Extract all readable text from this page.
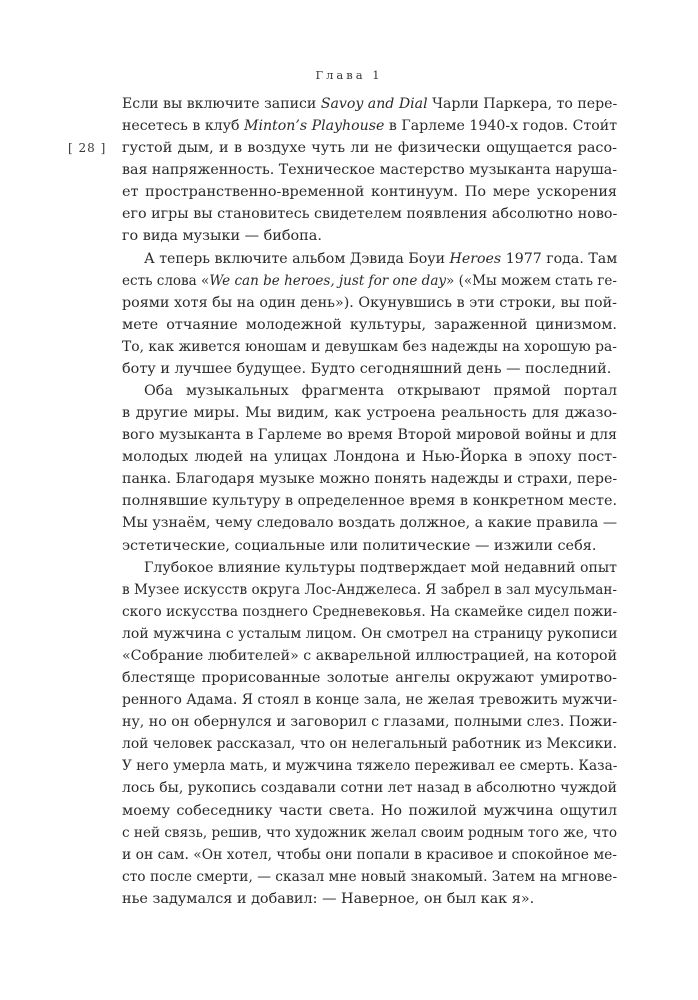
Глава 1
[ 28 ]
Если вы включите записи Savoy and Dial Чарли Паркера, то пере-
несетесь в клуб Minton’s Playhouse в Гарлеме 1940-х годов. Стои́т
густой дым, и в воздухе чуть ли не физически ощущается расо-
вая напряженность. Техническое мастерство музыканта наруша-
ет пространственно-временной континуум. По мере ускорения
его игры вы становитесь свидетелем появления абсолютно ново-
го вида музыки — бибопа.
А теперь включите альбом Дэвида Боуи Heroes 1977 года. Там
есть слова «We can be heroes, just for one day» («Мы можем стать ге-
роями хотя бы на один день»). Окунувшись в эти строки, вы пой-
мете отчаяние молодежной культуры, зараженной цинизмом.
То, как живется юношам и девушкам без надежды на хорошую ра-
боту и лучшее будущее. Будто сегодняшний день — последний.
Оба музыкальных фрагмента открывают прямой портал
в другие миры. Мы видим, как устроена реальность для джазо-
вого музыканта в Гарлеме во время Второй мировой войны и для
молодых людей на улицах Лондона и Нью-Йорка в эпоху пост-
панка. Благодаря музыке можно понять надежды и страхи, пере-
полнявшие культуру в определенное время в конкретном месте.
Мы узнаём, чему следовало воздать должное, а какие правила —
эстетические, социальные или политические — изжили себя.
Глубокое влияние культуры подтверждает мой недавний опыт
в Музее искусств округа Лос-Анджелеса. Я забрел в зал мусульман-
ского искусства позднего Средневековья. На скамейке сидел пожи-
лой мужчина с усталым лицом. Он смотрел на страницу рукописи
«Собрание любителей» с акварельной иллюстрацией, на которой
блестяще прорисованные золотые ангелы окружают умиротво-
ренного Адама. Я стоял в конце зала, не желая тревожить мужчи-
ну, но он обернулся и заговорил с глазами, полными слез. Пожи-
лой человек рассказал, что он нелегальный работник из Мексики.
У него умерла мать, и мужчина тяжело переживал ее смерть. Каза-
лось бы, рукопись создавали сотни лет назад в абсолютно чуждой
моему собеседнику части света. Но пожилой мужчина ощутил
с ней связь, решив, что художник желал своим родным того же, что
и он сам. «Он хотел, чтобы они попали в красивое и спокойное ме-
сто после смерти, — сказал мне новый знакомый. Затем на мгнове-
нье задумался и добавил: — Наверное, он был как я».
